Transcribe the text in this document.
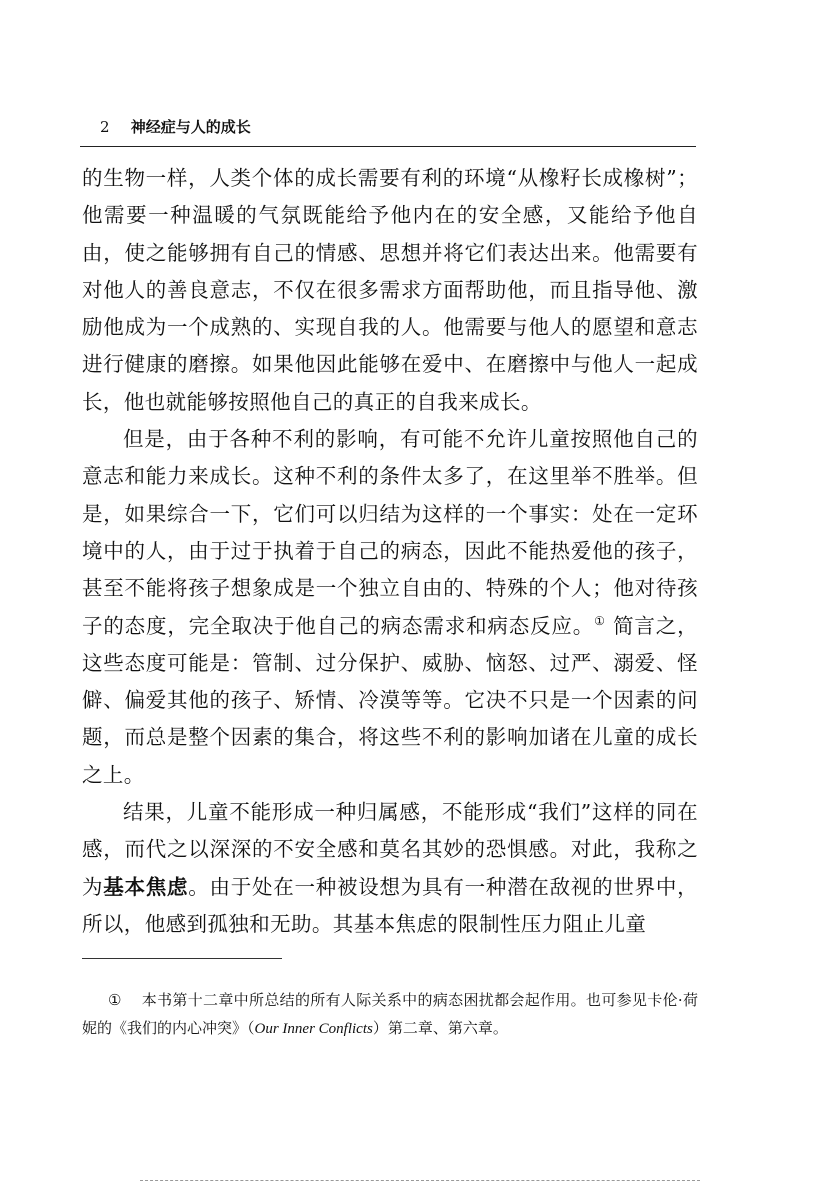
2 神经症与人的成长

的生物一样，人类个体的成长需要有利的环境“从橡籽长成橡树”；他需要一种温暖的气氛既能给予他内在的安全感，又能给予他自由，使之能够拥有自己的情感、思想并将它们表达出来。他需要有对他人的善良意志，不仅在很多需求方面帮助他，而且指导他、激励他成为一个成熟的、实现自我的人。他需要与他人的愿望和意志进行健康的磨擦。如果他因此能够在爱中、在磨擦中与他人一起成长，他也就能够按照他自己的真正的自我来成长。

但是，由于各种不利的影响，有可能不允许儿童按照他自己的意志和能力来成长。这种不利的条件太多了，在这里举不胜举。但是，如果综合一下，它们可以归结为这样的一个事实：处在一定环境中的人，由于过于执着于自己的病态，因此不能热爱他的孩子，甚至不能将孩子想象成是一个独立自由的、特殊的个人；他对待孩子的态度，完全取决于他自己的病态需求和病态反应。① 简言之，这些态度可能是：管制、过分保护、威胁、恼怒、过严、溺爱、怪僻、偏爱其他的孩子、矫情、冷漠等等。它决不只是一个因素的问题，而总是整个因素的集合，将这些不利的影响加诸在儿童的成长之上。

结果，儿童不能形成一种归属感，不能形成“我们”这样的同在感，而代之以深深的不安全感和莫名其妙的恐惧感。对此，我称之为基本焦虑。由于处在一种被设想为具有一种潜在敌视的世界中，所以，他感到孤独和无助。其基本焦虑的限制性压力阻止儿童

① 本书第十二章中所总结的所有人际关系中的病态困扰都会起作用。也可参见卡伦·荷妮的《我们的内心冲突》（Our Inner Conflicts）第二章、第六章。
